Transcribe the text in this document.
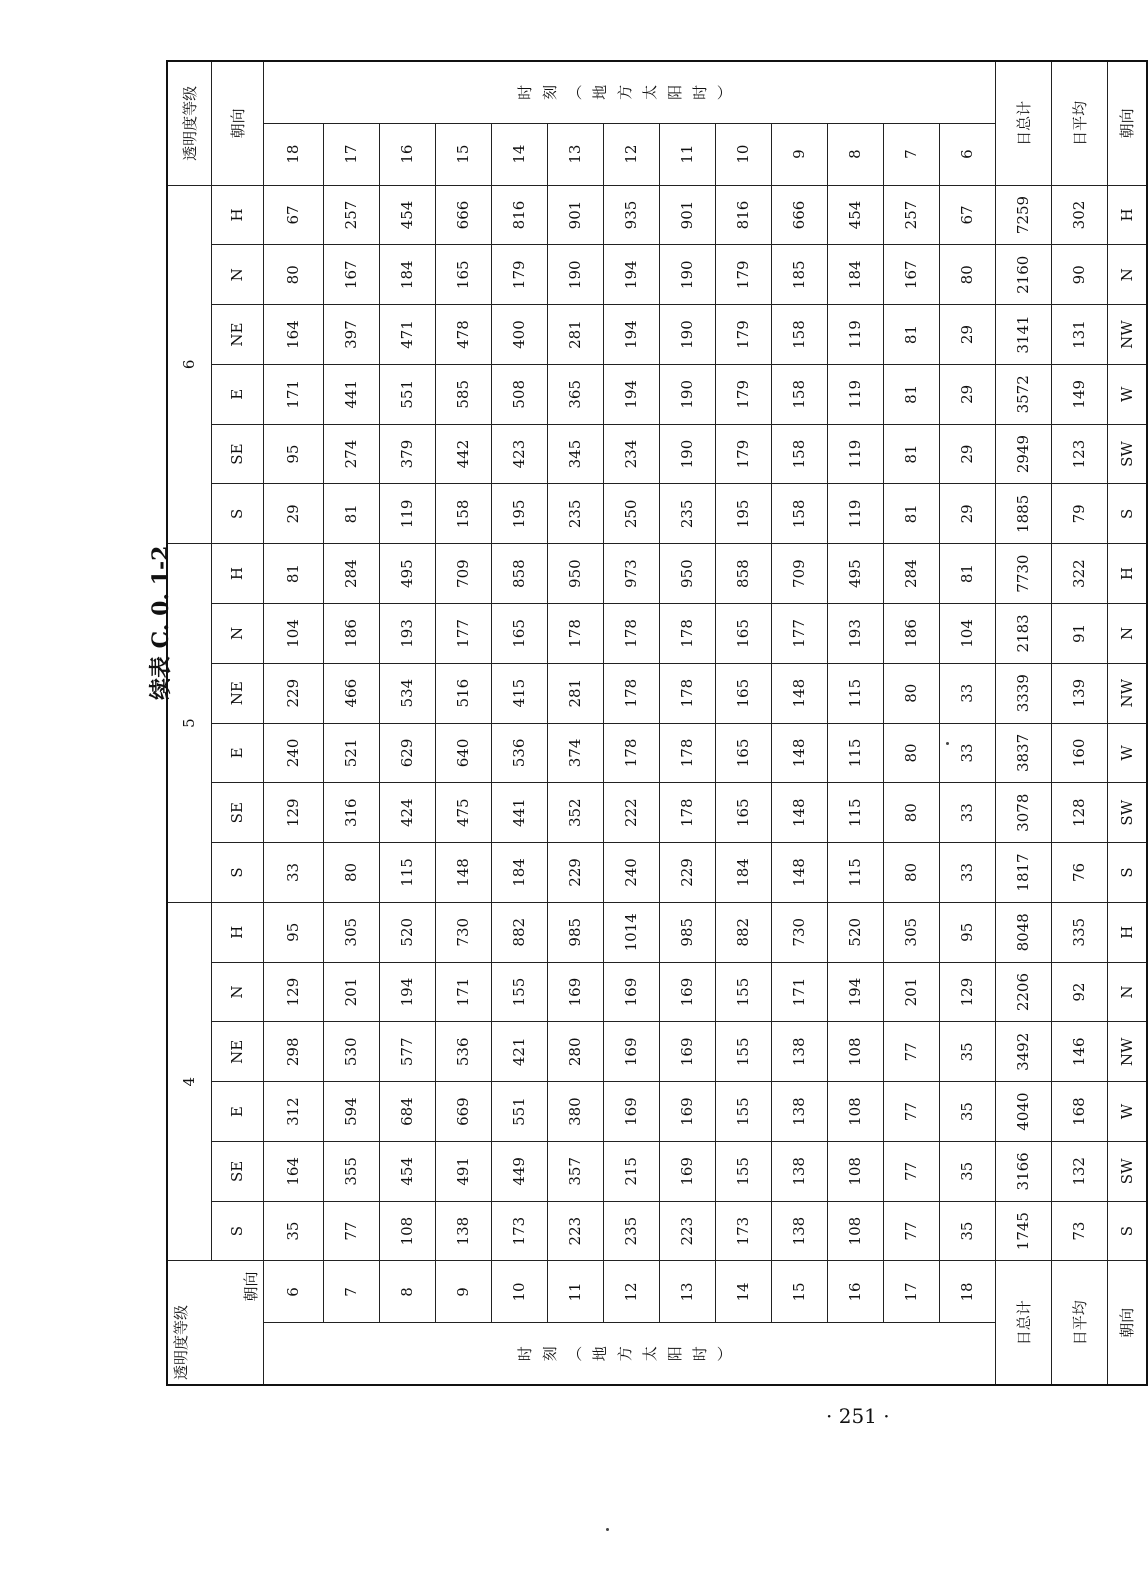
续表 C. 0. 1-2
透明度等级
朝向		4						5						6						透明度等级	
		S	SE	E	NE	N	H	S	SE	E	NE	N	H	S	SE	E	NE	N	H	朝向	
时刻（地方太阳时）	6	35	164	312	298	129	95	33	129	240	229	104	81	29	95	171	164	80	67	18	时刻（地方太阳时）
	7	77	355	594	530	201	305	80	316	521	466	186	284	81	274	441	397	167	257	17	
	8	108	454	684	577	194	520	115	424	629	534	193	495	119	379	551	471	184	454	16	
	9	138	491	669	536	171	730	148	475	640	516	177	709	158	442	585	478	165	666	15	
	10	173	449	551	421	155	882	184	441	536	415	165	858	195	423	508	400	179	816	14	
	11	223	357	380	280	169	985	229	352	374	281	178	950	235	345	365	281	190	901	13	
	12	235	215	169	169	169	1014	240	222	178	178	178	973	250	234	194	194	194	935	12	
	13	223	169	169	169	169	985	229	178	178	178	178	950	235	190	190	190	190	901	11	
	14	173	155	155	155	155	882	184	165	165	165	165	858	195	179	179	179	179	816	10	
	15	138	138	138	138	171	730	148	148	148	148	177	709	158	158	158	158	185	666	9	
	16	108	108	108	108	194	520	115	115	115	115	193	495	119	119	119	119	184	454	8	
	17	77	77	77	77	201	305	80	80	80	80	186	284	81	81	81	81	167	257	7	
	18	35	35	35	35	129	95	33	33	33	33	104	81	29	29	29	29	80	67	6	
日总计		1745	3166	4040	3492	2206	8048	1817	3078	3837	3339	2183	7730	1885	2949	3572	3141	2160	7259	日总计	
日平均		73	132	168	146	92	335	76	128	160	139	91	322	79	123	149	131	90	302	日平均	
朝向		S	SW	W	NW	N	H	S	SW	W	NW	N	H	S	SW	W	NW	N	H	朝向	
· 251 ·
